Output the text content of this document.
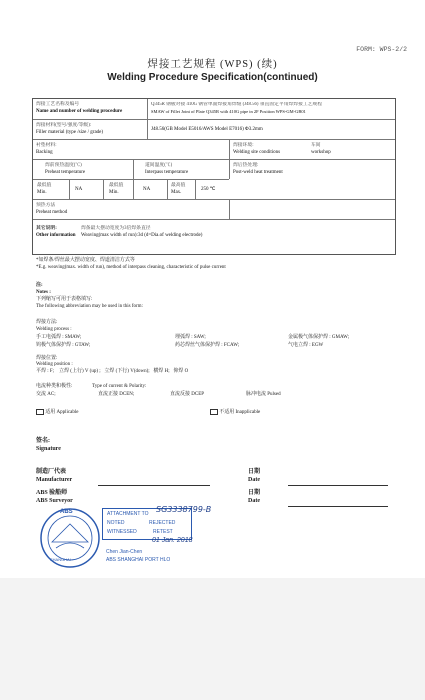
FORM: WPS-2/2
焊接工艺规程 (WPS) (续)
Welding Procedure Specification(continued)
焊接工艺名称及编号
Name and number of welding procedure
Q345R 钢板对接 410G 钢管单面焊接角焊缝 (J48.56) 垂直固定平角焊焊接工艺规程
SMAW of Fillet Joint of Plate Q345R with 410G pipe in 2F Position WPS-GM-GB01
焊接材料(型号/强度/等级):
Filler material (type /size / grade)
J48.56(GB Model E5016/AWS Model E7016) Φ3.2mm
衬垫材料:
Backing
焊接环境:
Welding site conditions
车间
workshop
焊前预热温度(℃)
Preheat temperature
道间温度(℃)
Interpass temperature
焊后热处理:
Post-weld heat treatment
最低值
Min.
NA
最低值
Min.
NA
最高值
Max.
250 ℃
预热方法
Preheat method
其它说明:
Other information
焊条最大摆动宽度为3倍焊条直径
Weaving(max width of run):3d (d=Dia.of welding electrode)
*如焊条/焊丝最大摆动宽度、焊道清洁方式等
*E.g. weaving(max. width of run), method of interpass cleaning, characteristic of pulse current
注:
Notes :
下列缩写可用于表格填写:
The following abbreviation may be used in this form:
焊接方法:
Welding process :
手工电弧焊 : SMAW;	埋弧焊 : SAW;	金属极气体保护焊 : GMAW;
钨极气体保护焊 : GTAW;	药芯焊丝气体保护焊 : FCAW;	气电立焊 : EGW
焊接位置:
Welding position :
平焊 : F;    立焊 (上行) V (up) ;   立焊 (下行) V(down);   横焊 H;   仰焊 O
电流种类和极性:	Type of current & Polarity:
交流 AC;	直流正接 DCEN;	直流反接 DCEP	脉冲电流 Pulsed
适用 Applicable	不适用 Inapplicable
签名:
Signature
制造厂代表
Manufacturer
日期
Date
ABS 验船师
ABS Surveyor
日期
Date
ABS
SHANGHAI
ATTACHMENT TO
NOTED	REJECTED
WITNESSED	RETEST
SG3338799-B
01 Jan. 2018
Chen Jian-Chen
ABS SHANGHAI PORT HLO
